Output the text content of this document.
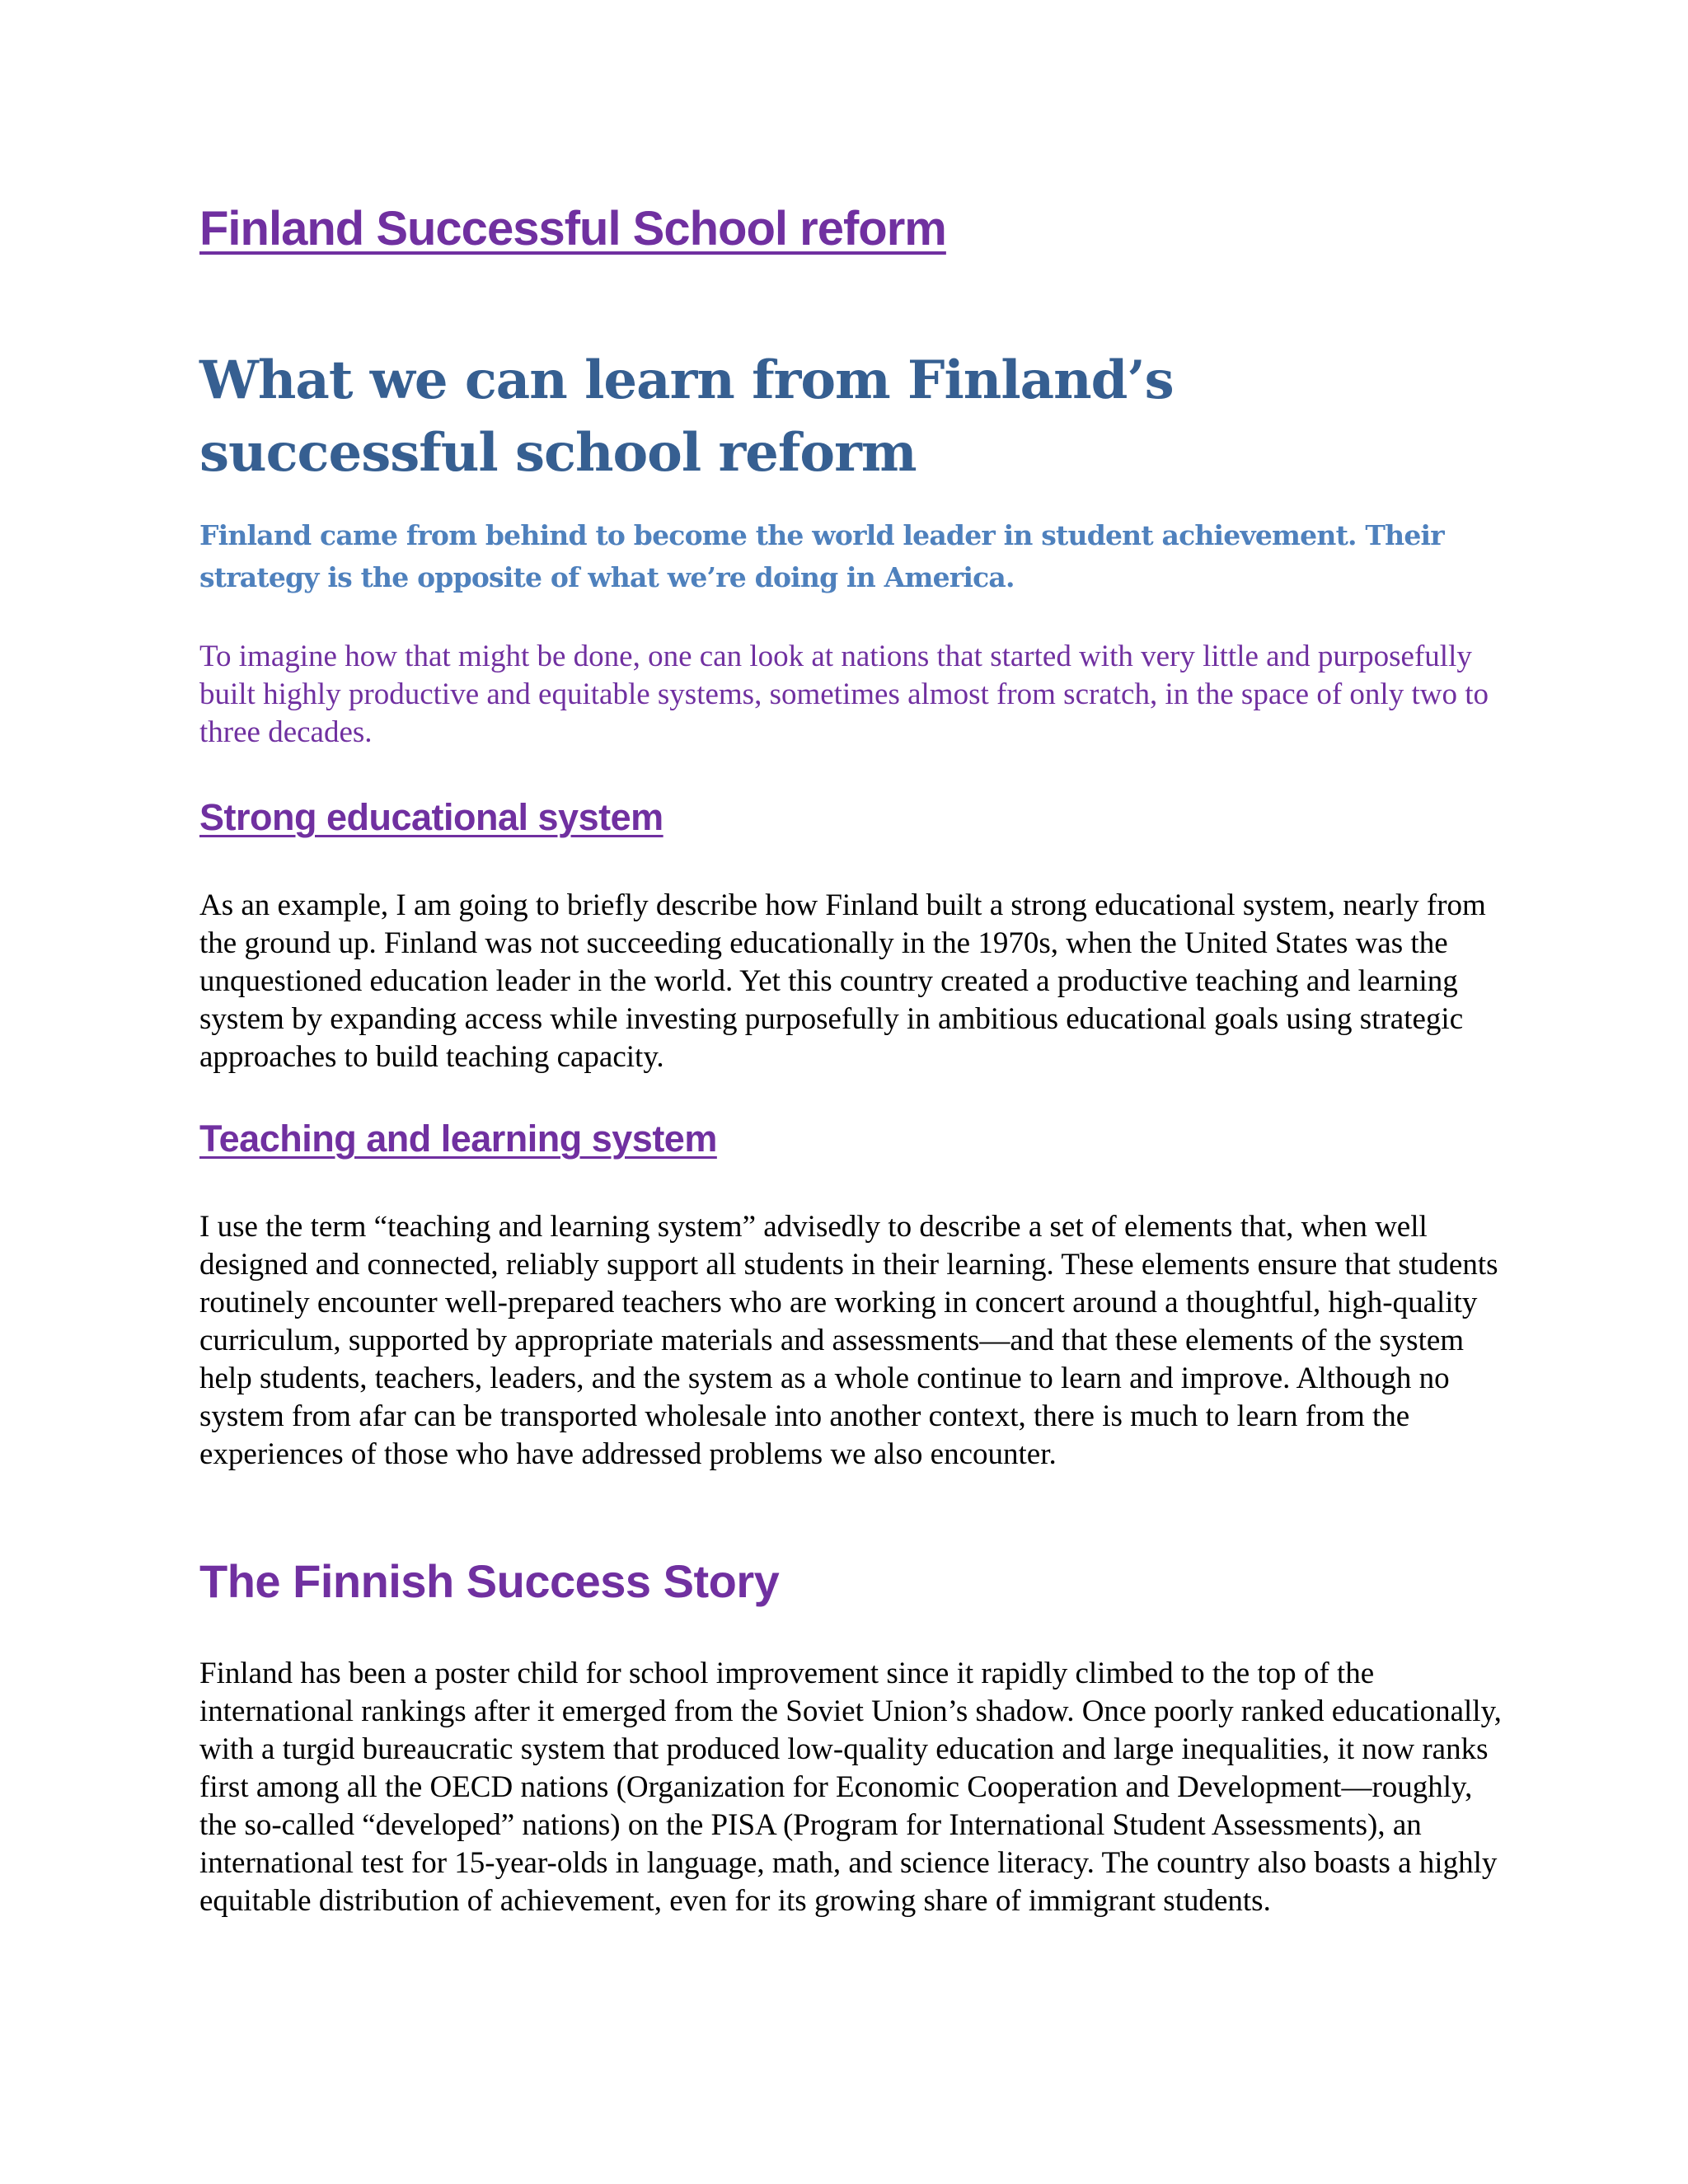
Finland Successful School reform
What we can learn from Finland’s successful school reform

Finland came from behind to become the world leader in student achievement. Their strategy is the opposite of what we’re doing in America.

To imagine how that might be done, one can look at nations that started with very little and purposefully built highly productive and equitable systems, sometimes almost from scratch, in the space of only two to three decades.

Strong educational system

As an example, I am going to briefly describe how Finland built a strong educational system, nearly from the ground up. Finland was not succeeding educationally in the 1970s, when the United States was the unquestioned education leader in the world. Yet this country created a productive teaching and learning system by expanding access while investing purposefully in ambitious educational goals using strategic approaches to build teaching capacity.

Teaching and learning system

I use the term “teaching and learning system” advisedly to describe a set of elements that, when well designed and connected, reliably support all students in their learning. These elements ensure that students routinely encounter well-prepared teachers who are working in concert around a thoughtful, high-quality curriculum, supported by appropriate materials and assessments—and that these elements of the system help students, teachers, leaders, and the system as a whole continue to learn and improve. Although no system from afar can be transported wholesale into another context, there is much to learn from the experiences of those who have addressed problems we also encounter.

The Finnish Success Story

Finland has been a poster child for school improvement since it rapidly climbed to the top of the international rankings after it emerged from the Soviet Union’s shadow. Once poorly ranked educationally, with a turgid bureaucratic system that produced low-quality education and large inequalities, it now ranks first among all the OECD nations (Organization for Economic Cooperation and Development—roughly, the so-called “developed” nations) on the PISA (Program for International Student Assessments), an international test for 15-year-olds in language, math, and science literacy. The country also boasts a highly equitable distribution of achievement, even for its growing share of immigrant students.
